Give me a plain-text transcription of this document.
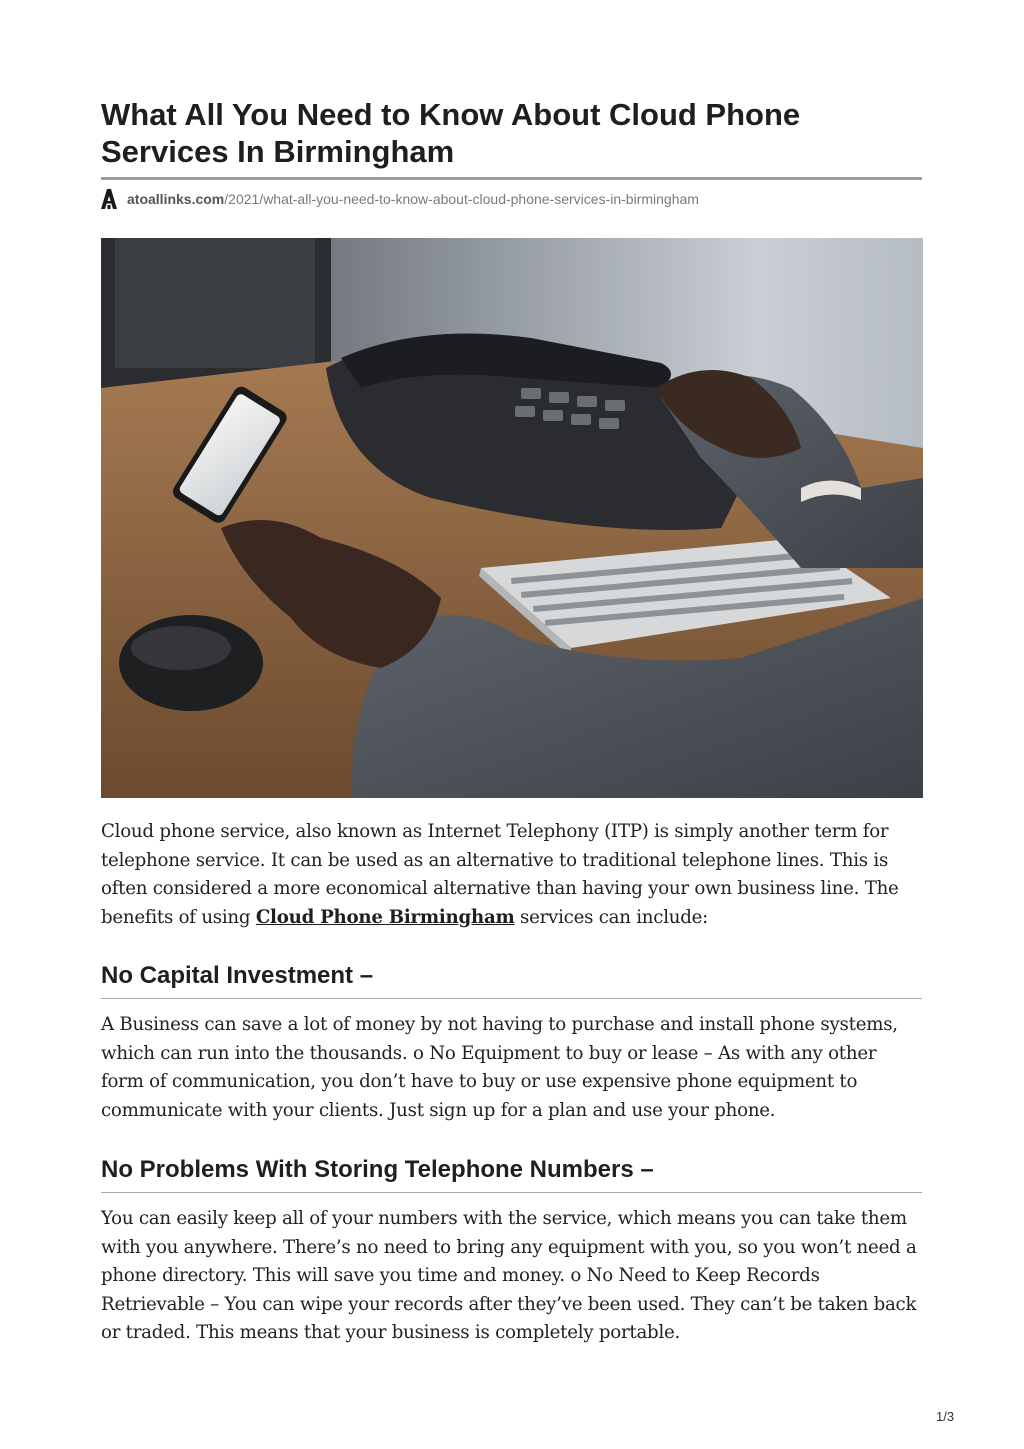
What All You Need to Know About Cloud Phone Services In Birmingham
atoallinks.com/2021/what-all-you-need-to-know-about-cloud-phone-services-in-birmingham

Cloud phone service, also known as Internet Telephony (ITP) is simply another term for telephone service. It can be used as an alternative to traditional telephone lines. This is often considered a more economical alternative than having your own business line. The benefits of using Cloud Phone Birmingham services can include:

No Capital Investment –

A Business can save a lot of money by not having to purchase and install phone systems, which can run into the thousands. o No Equipment to buy or lease – As with any other form of communication, you don’t have to buy or use expensive phone equipment to communicate with your clients. Just sign up for a plan and use your phone.

No Problems With Storing Telephone Numbers –

You can easily keep all of your numbers with the service, which means you can take them with you anywhere. There’s no need to bring any equipment with you, so you won’t need a phone directory. This will save you time and money. o No Need to Keep Records Retrievable – You can wipe your records after they’ve been used. They can’t be taken back or traded. This means that your business is completely portable.

1/3
